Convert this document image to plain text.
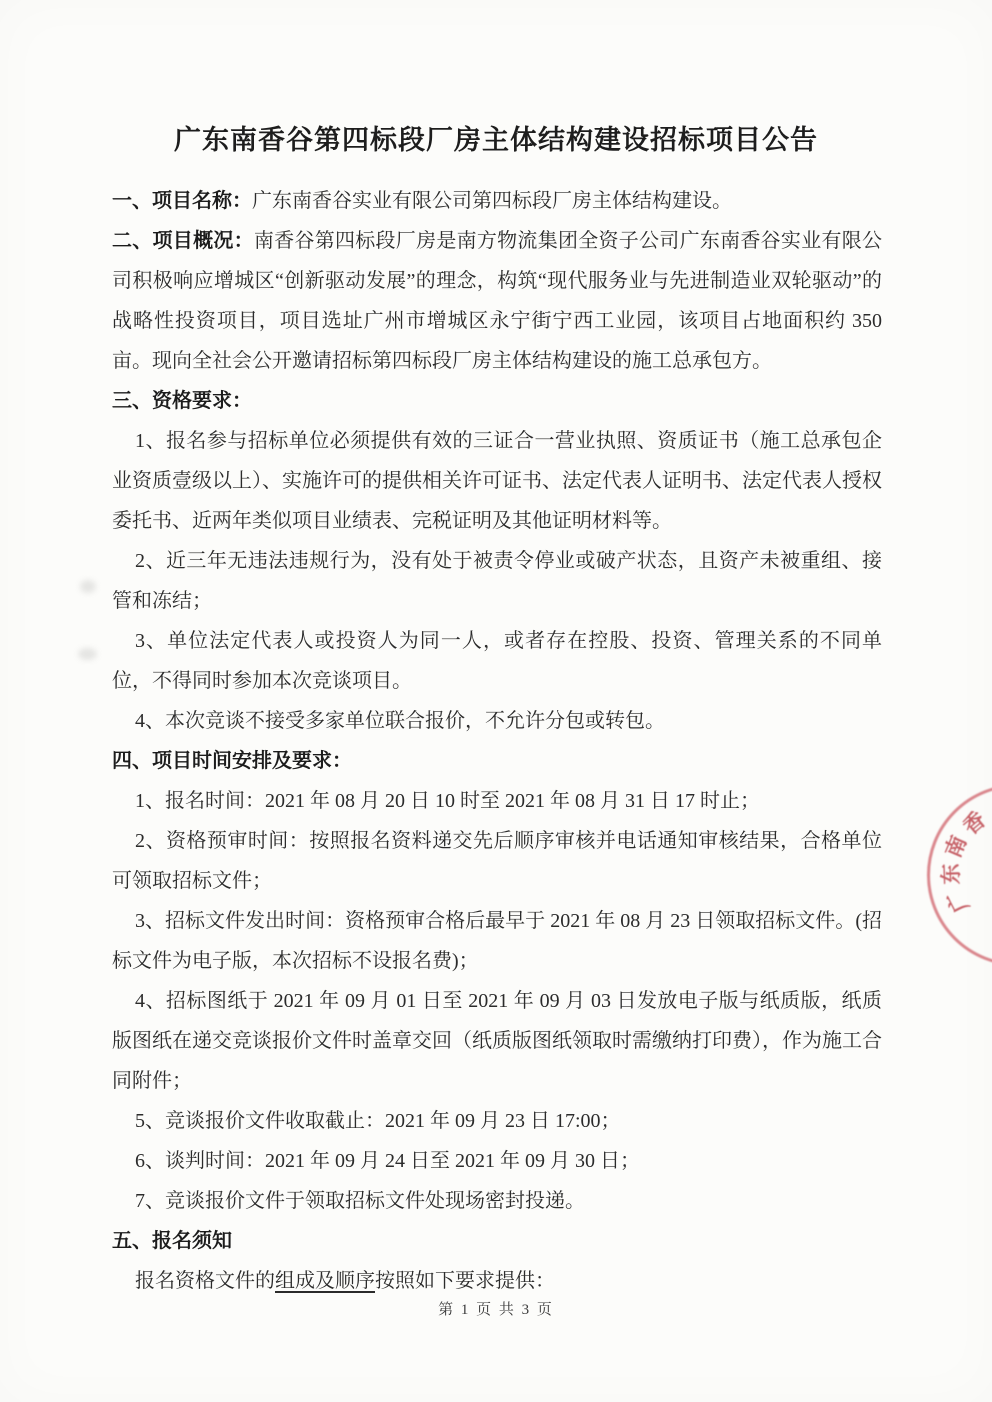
广东南香谷第四标段厂房主体结构建设招标项目公告

一、项目名称：广东南香谷实业有限公司第四标段厂房主体结构建设。

二、项目概况：南香谷第四标段厂房是南方物流集团全资子公司广东南香谷实业有限公司积极响应增城区“创新驱动发展”的理念，构筑“现代服务业与先进制造业双轮驱动”的战略性投资项目，项目选址广州市增城区永宁街宁西工业园，该项目占地面积约 350 亩。现向全社会公开邀请招标第四标段厂房主体结构建设的施工总承包方。

三、资格要求：

1、报名参与招标单位必须提供有效的三证合一营业执照、资质证书（施工总承包企业资质壹级以上）、实施许可的提供相关许可证书、法定代表人证明书、法定代表人授权委托书、近两年类似项目业绩表、完税证明及其他证明材料等。

2、近三年无违法违规行为，没有处于被责令停业或破产状态，且资产未被重组、接管和冻结；

3、单位法定代表人或投资人为同一人，或者存在控股、投资、管理关系的不同单位，不得同时参加本次竞谈项目。

4、本次竞谈不接受多家单位联合报价，不允许分包或转包。

四、项目时间安排及要求：

1、报名时间：2021 年 08 月 20 日 10 时至 2021 年 08 月 31 日 17 时止；

2、资格预审时间：按照报名资料递交先后顺序审核并电话通知审核结果，合格单位可领取招标文件；

3、招标文件发出时间：资格预审合格后最早于 2021 年 08 月 23 日领取招标文件。(招标文件为电子版，本次招标不设报名费)；

4、招标图纸于 2021 年 09 月 01 日至 2021 年 09 月 03 日发放电子版与纸质版，纸质版图纸在递交竞谈报价文件时盖章交回（纸质版图纸领取时需缴纳打印费），作为施工合同附件；

5、竞谈报价文件收取截止：2021 年 09 月 23 日 17:00；

6、谈判时间：2021 年 09 月 24 日至 2021 年 09 月 30 日；

7、竞谈报价文件于领取招标文件处现场密封投递。

五、报名须知

报名资格文件的组成及顺序按照如下要求提供：

第 1 页 共 3 页
广
东
南
香
